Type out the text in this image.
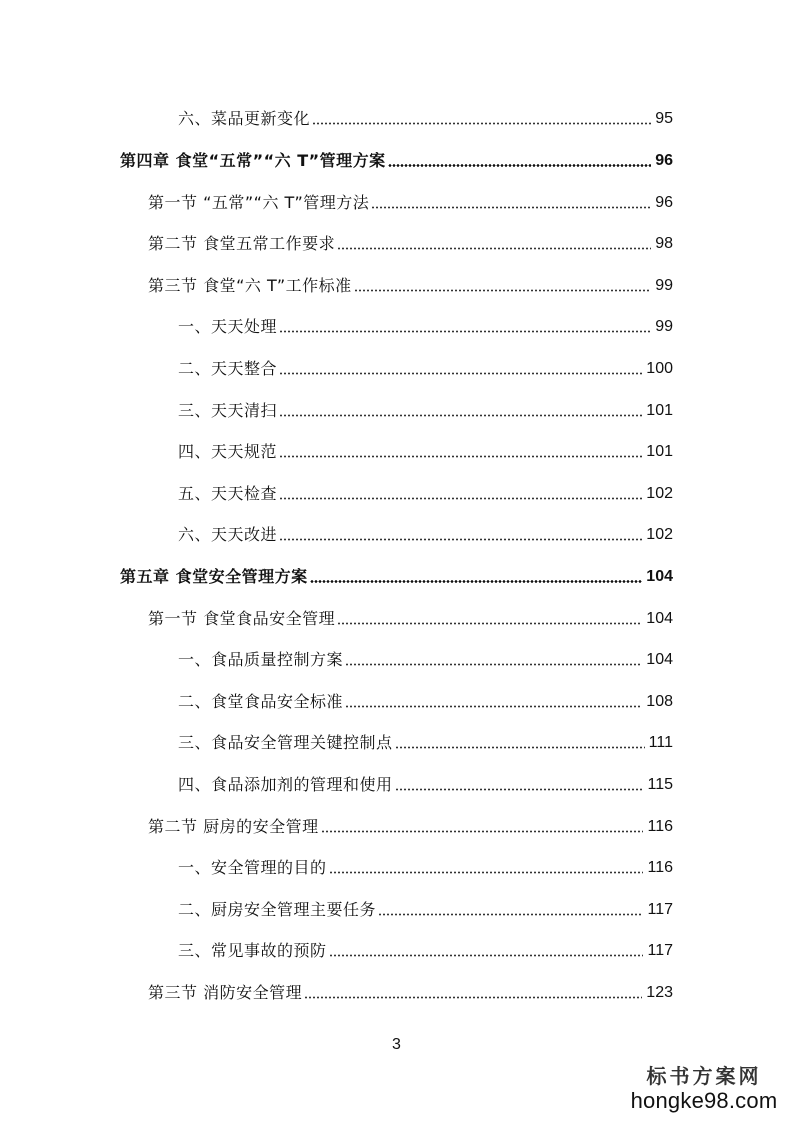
六、菜品更新变化	95
第四章 食堂“五常”“六 T”管理方案	96
第一节 “五常”“六 T”管理方法	96
第二节 食堂五常工作要求	98
第三节 食堂“六 T”工作标准	99
一、天天处理	99
二、天天整合	100
三、天天清扫	101
四、天天规范	101
五、天天检查	102
六、天天改进	102
第五章 食堂安全管理方案	104
第一节 食堂食品安全管理	104
一、食品质量控制方案	104
二、食堂食品安全标准	108
三、食品安全管理关键控制点	111
四、食品添加剂的管理和使用	115
第二节 厨房的安全管理	116
一、安全管理的目的	116
二、厨房安全管理主要任务	117
三、常见事故的预防	117
第三节 消防安全管理	123
3
标书方案网
hongke98.com
